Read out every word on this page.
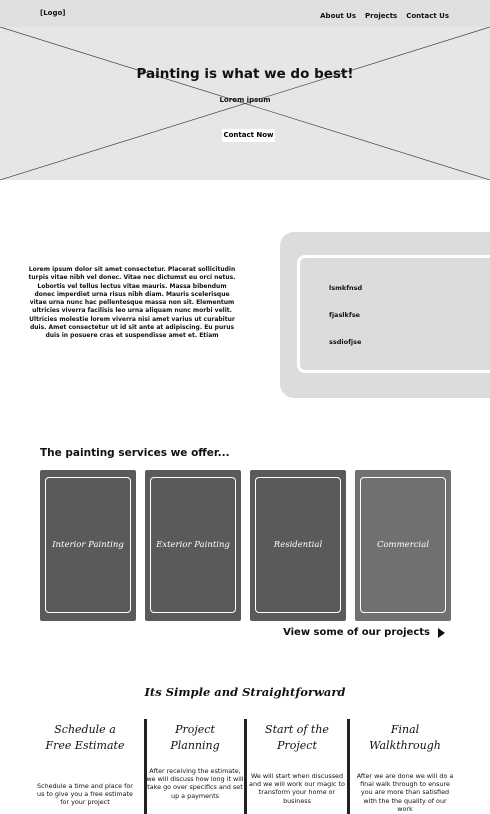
[Logo]	About Us Projects Contact Us
Painting is what we do best!
Lorem ipsum
Contact Now
Lorem ipsum dolor sit amet consectetur. Placerat sollicitudin turpis vitae nibh vel donec. Vitae nec dictumst eu orci netus. Lobortis vel tellus lectus vitae mauris. Massa bibendum donec imperdiet urna risus nibh diam. Mauris scelerisque vitae urna nunc hac pellentesque massa non sit. Elementum ultricies viverra facilisis leo urna aliquam nunc morbi velit. Ultricies molestie lorem viverra nisi amet varius ut curabitur duis. Amet consectetur ut id sit ante at adipiscing. Eu purus duis in posuere cras et suspendisse amet et. Etiam
lsmkfnsd
fjaslkfse
ssdiofjse
The painting services we offer...
Interior Painting	Exterior Painting	Residential	Commercial
View some of our projects
Its Simple and Straightforward
Schedule a Free Estimate
Schedule a time and place for us to give you a free estimate for your project
Project Planning
After receiving the estimate, we will discuss how long it will take go over specifics and set up a payments
Start of the Project
We will start when discussed and we will work our magic to transform your home or business
Final Walkthrough
After we are done we will do a final walk through to ensure you are more than satisfied with the the quality of our work
